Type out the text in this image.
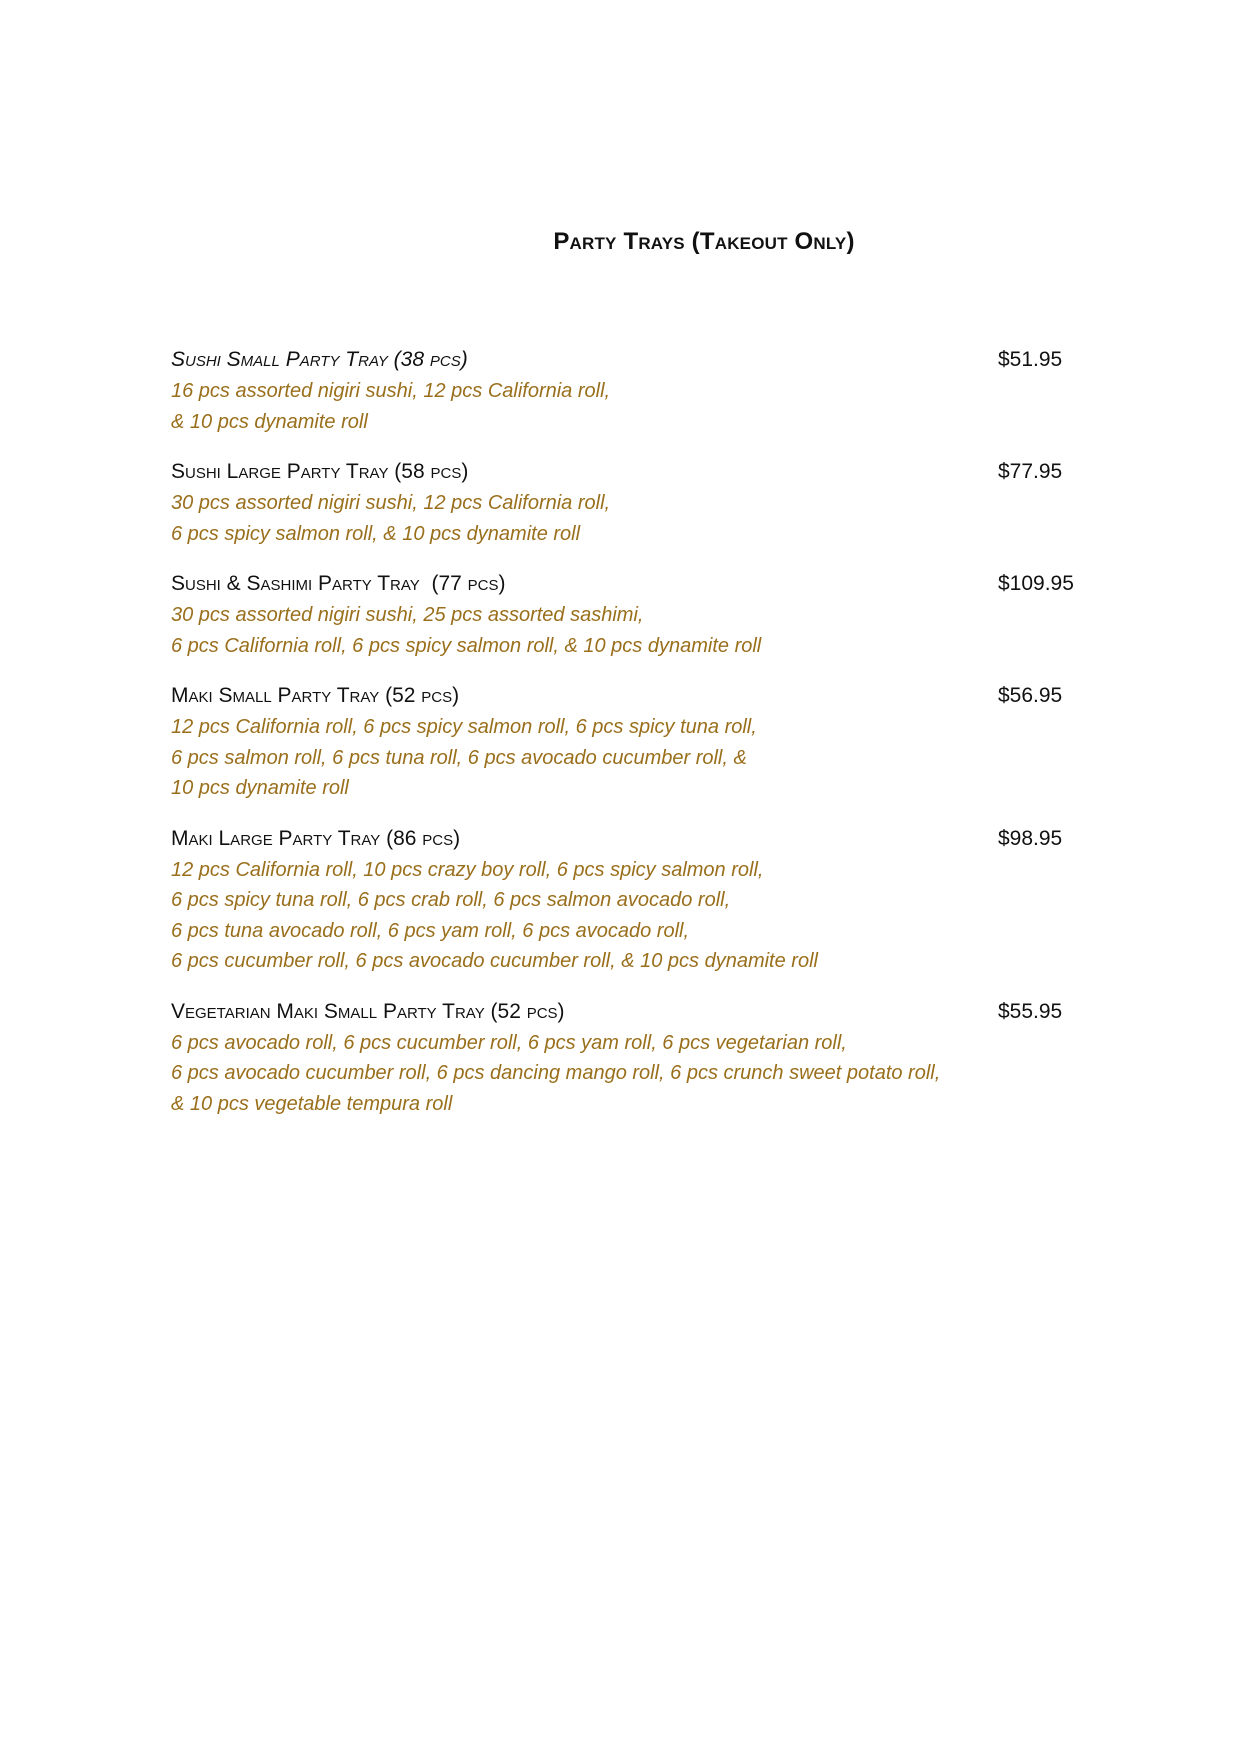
Party Trays (Takeout Only)
Sushi Small Party Tray (38 pcs)	$51.95
16 pcs assorted nigiri sushi, 12 pcs California roll,
& 10 pcs dynamite roll
Sushi Large Party Tray (58 pcs)	$77.95
30 pcs assorted nigiri sushi, 12 pcs California roll,
6 pcs spicy salmon roll, & 10 pcs dynamite roll
Sushi & Sashimi Party Tray  (77 pcs)	$109.95
30 pcs assorted nigiri sushi, 25 pcs assorted sashimi,
6 pcs California roll, 6 pcs spicy salmon roll, & 10 pcs dynamite roll
Maki Small Party Tray (52 pcs)	$56.95
12 pcs California roll, 6 pcs spicy salmon roll, 6 pcs spicy tuna roll,
6 pcs salmon roll, 6 pcs tuna roll, 6 pcs avocado cucumber roll, &
10 pcs dynamite roll
Maki Large Party Tray (86 pcs)	$98.95
12 pcs California roll, 10 pcs crazy boy roll, 6 pcs spicy salmon roll,
6 pcs spicy tuna roll, 6 pcs crab roll, 6 pcs salmon avocado roll,
6 pcs tuna avocado roll, 6 pcs yam roll, 6 pcs avocado roll,
6 pcs cucumber roll, 6 pcs avocado cucumber roll, & 10 pcs dynamite roll
Vegetarian Maki Small Party Tray (52 pcs)	$55.95
6 pcs avocado roll, 6 pcs cucumber roll, 6 pcs yam roll, 6 pcs vegetarian roll,
6 pcs avocado cucumber roll, 6 pcs dancing mango roll, 6 pcs crunch sweet potato roll,
& 10 pcs vegetable tempura roll
